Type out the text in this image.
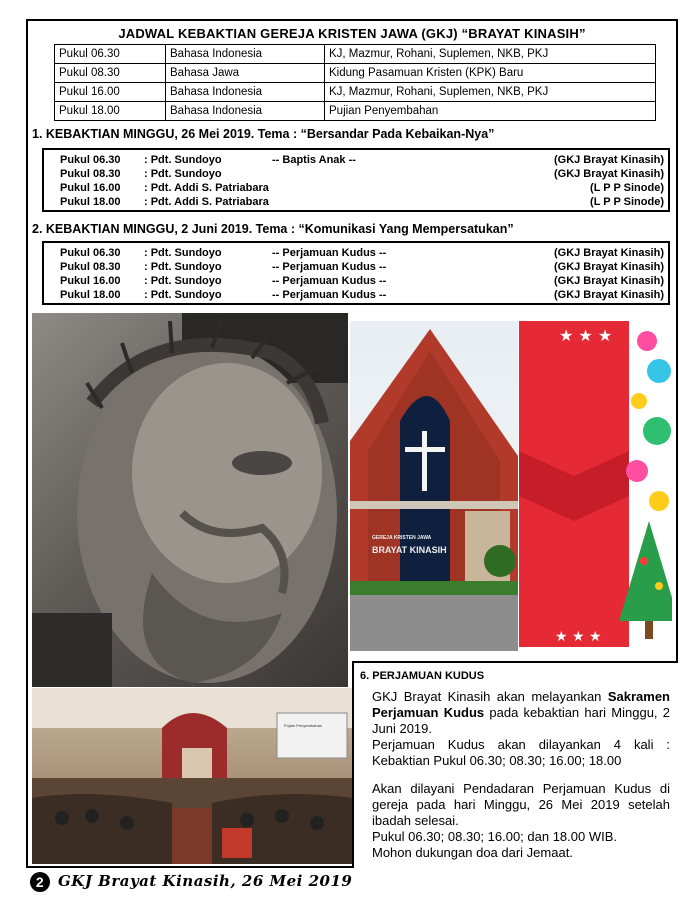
JADWAL KEBAKTIAN GEREJA KRISTEN JAWA (GKJ) “BRAYAT KINASIH”
Pukul 06.30	Bahasa Indonesia	KJ, Mazmur, Rohani, Suplemen, NKB, PKJ
Pukul 08.30	Bahasa Jawa	Kidung Pasamuan Kristen (KPK) Baru
Pukul 16.00	Bahasa Indonesia	KJ, Mazmur, Rohani, Suplemen, NKB, PKJ
Pukul 18.00	Bahasa Indonesia	Pujian Penyembahan
1. KEBAKTIAN MINGGU, 26 Mei 2019. Tema : “Bersandar Pada Kebaikan-Nya”
Pukul 06.30 : Pdt. Sundoyo	-- Baptis Anak --	(GKJ Brayat Kinasih)
Pukul 08.30 : Pdt. Sundoyo	(GKJ Brayat Kinasih)
Pukul 16.00 : Pdt. Addi S. Patriabara	(L P P Sinode)
Pukul 18.00 : Pdt. Addi S. Patriabara	(L P P Sinode)
2. KEBAKTIAN MINGGU, 2 Juni 2019. Tema : “Komunikasi Yang Mempersatukan”
Pukul 06.30 : Pdt. Sundoyo	-- Perjamuan Kudus --	(GKJ Brayat Kinasih)
Pukul 08.30 : Pdt. Sundoyo	-- Perjamuan Kudus --	(GKJ Brayat Kinasih)
Pukul 16.00 : Pdt. Sundoyo	-- Perjamuan Kudus --	(GKJ Brayat Kinasih)
Pukul 18.00 : Pdt. Sundoyo	-- Perjamuan Kudus --	(GKJ Brayat Kinasih)
GEREJA KRISTEN JAWA
BRAYAT KINASIH
★ ★ ★
★ ★ ★
Pujian Penyembahan
6. PERJAMUAN KUDUS

GKJ Brayat Kinasih akan melayankan Sakramen Perjamuan Kudus pada kebaktian hari Minggu, 2 Juni 2019.

Perjamuan Kudus akan dilayankan 4 kali : Kebaktian Pukul 06.30; 08.30; 16.00; 18.00

Akan dilayani Pendadaran Perjamuan Kudus di gereja pada hari Minggu, 26 Mei 2019 setelah ibadah selesai.

Pukul 06.30; 08.30; 16.00; dan 18.00 WIB.

Mohon dukungan doa dari Jemaat.

2 GKJ Brayat Kinasih, 26 Mei 2019
